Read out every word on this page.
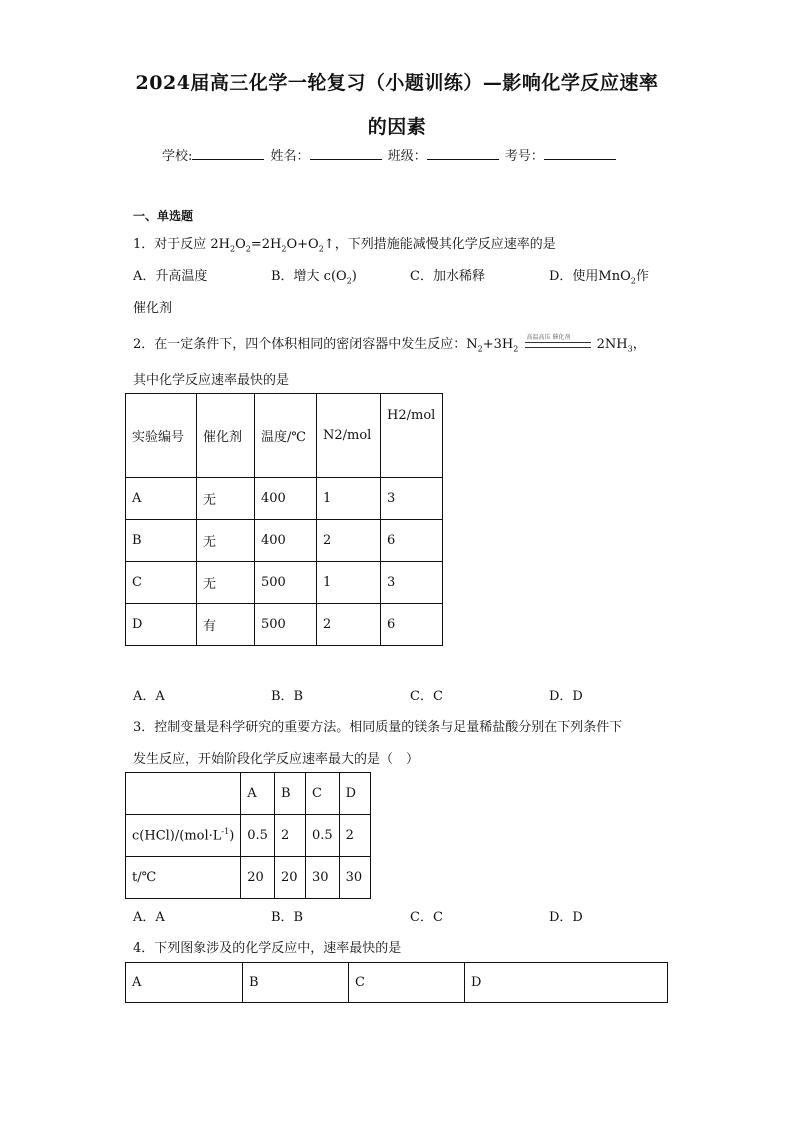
2024届高三化学一轮复习（小题训练）—影响化学反应速率
的因素
学校:	姓名：	班级：	考号：
一、单选题
1．对于反应 $2H_2O_2=2H_2O+O_2↑$，下列措施能减慢其化学反应速率的是
A．升高温度	B．增大 $c(O_2)$	C．加水稀释	D．使用MnO$_2$作
催化剂
2．在一定条件下，四个体积相同的密闭容器中发生反应：$N_2+3H_2$
高温高压 催化剂 $2NH_3$，
其中化学反应速率最快的是
实验编号	催化剂	温度/℃	N2/mol	H2/mol
A	无	400	1	3
B	无	400	2	6
C	无	500	1	3
D	有	500	2	6
A．A	B．B	C．C	D．D
3．控制变量是科学研究的重要方法。相同质量的镁条与足量稀盐酸分别在下列条件下
发生反应，开始阶段化学反应速率最大的是（　）
	A	B	C	D
$c(HCl)/(mol\cdot L^{-1})$	0.5	2	0.5	2
t/℃	20	20	30	30
A．A	B．B	C．C	D．D
4．下列图象涉及的化学反应中，速率最快的是
A	B	C	D
